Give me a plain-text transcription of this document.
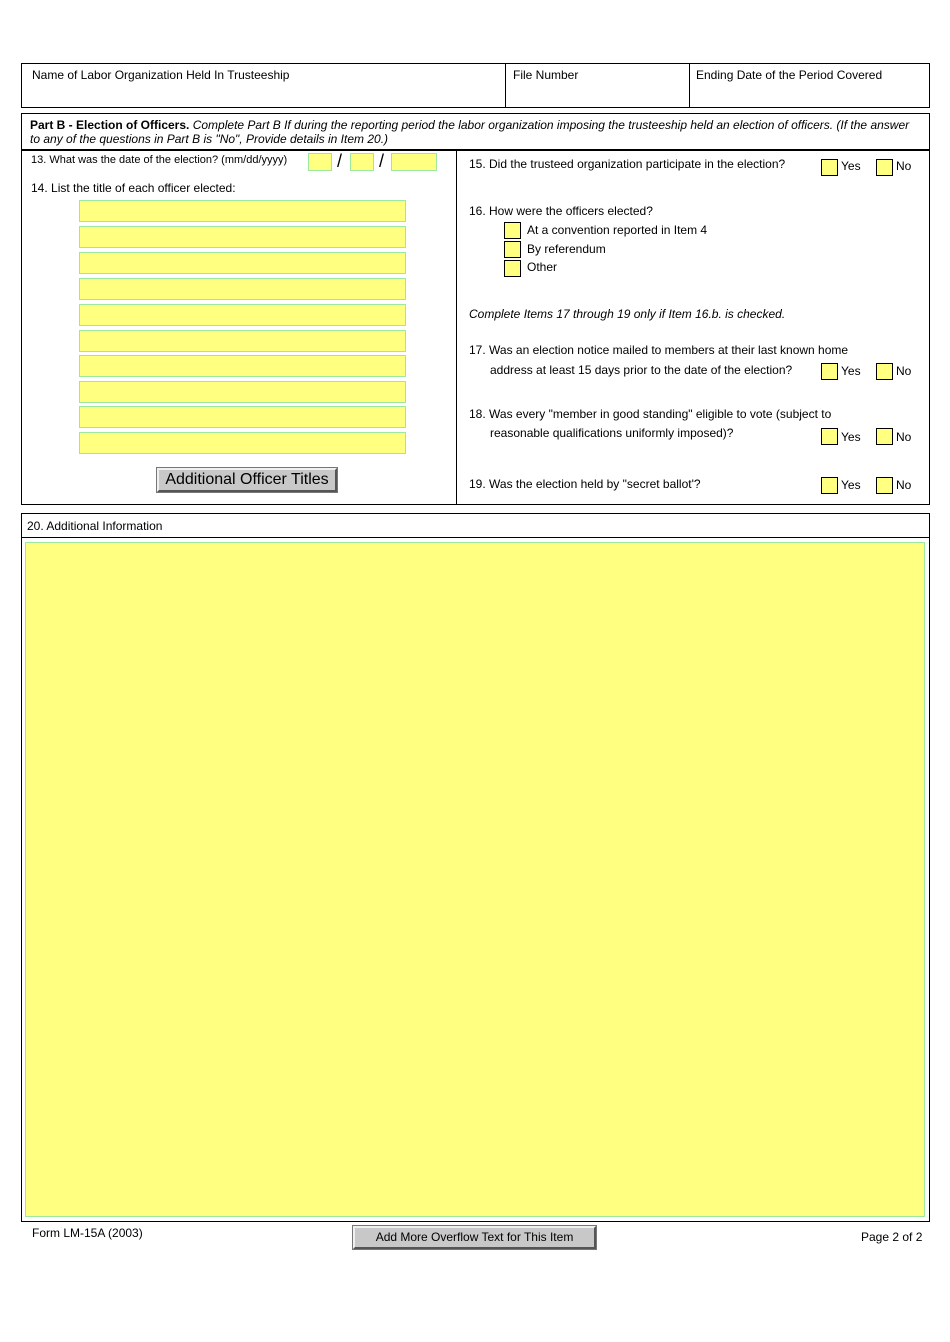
Name of Labor Organization Held In Trusteeship	File Number	Ending Date of the Period Covered
Part B - Election of Officers. Complete Part B If during the reporting period the labor organization imposing the trusteeship held an election of officers. (If the answer to any of the questions in Part B is "No", Provide details in Item 20.)
13. What was the date of the election? (mm/dd/yyyy)	/ /
14. List the title of each officer elected:
Additional Officer Titles
15. Did the trusteed organization participate in the election?	Yes	No
16. How were the officers elected?
At a convention reported in Item 4
By referendum
Other
Complete Items 17 through 19 only if Item 16.b. is checked.
17. Was an election notice mailed to members at their last known home
address at least 15 days prior to the date of the election?	Yes	No
18. Was every "member in good standing" eligible to vote (subject to
reasonable qualifications uniformly imposed)?	Yes	No
19. Was the election held by "secret ballot'?	Yes	No
20. Additional Information
Form LM-15A (2003)	Add More Overflow Text for This Item	Page 2 of 2
